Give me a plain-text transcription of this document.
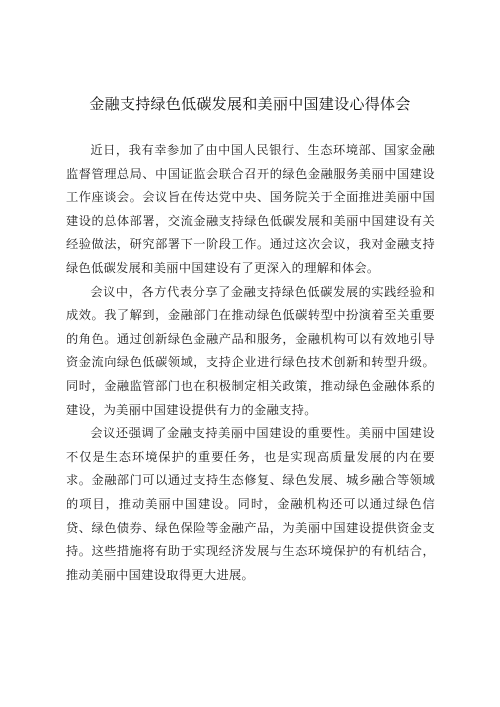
金融支持绿色低碳发展和美丽中国建设心得体会

近日，我有幸参加了由中国人民银行、生态环境部、国家金融监督管理总局、中国证监会联合召开的绿色金融服务美丽中国建设工作座谈会。会议旨在传达党中央、国务院关于全面推进美丽中国建设的总体部署，交流金融支持绿色低碳发展和美丽中国建设有关经验做法，研究部署下一阶段工作。通过这次会议，我对金融支持绿色低碳发展和美丽中国建设有了更深入的理解和体会。

会议中，各方代表分享了金融支持绿色低碳发展的实践经验和成效。我了解到，金融部门在推动绿色低碳转型中扮演着至关重要的角色。通过创新绿色金融产品和服务，金融机构可以有效地引导资金流向绿色低碳领域，支持企业进行绿色技术创新和转型升级。同时，金融监管部门也在积极制定相关政策，推动绿色金融体系的建设，为美丽中国建设提供有力的金融支持。

会议还强调了金融支持美丽中国建设的重要性。美丽中国建设不仅是生态环境保护的重要任务，也是实现高质量发展的内在要求。金融部门可以通过支持生态修复、绿色发展、城乡融合等领域的项目，推动美丽中国建设。同时，金融机构还可以通过绿色信贷、绿色债券、绿色保险等金融产品，为美丽中国建设提供资金支持。这些措施将有助于实现经济发展与生态环境保护的有机结合，推动美丽中国建设取得更大进展。
